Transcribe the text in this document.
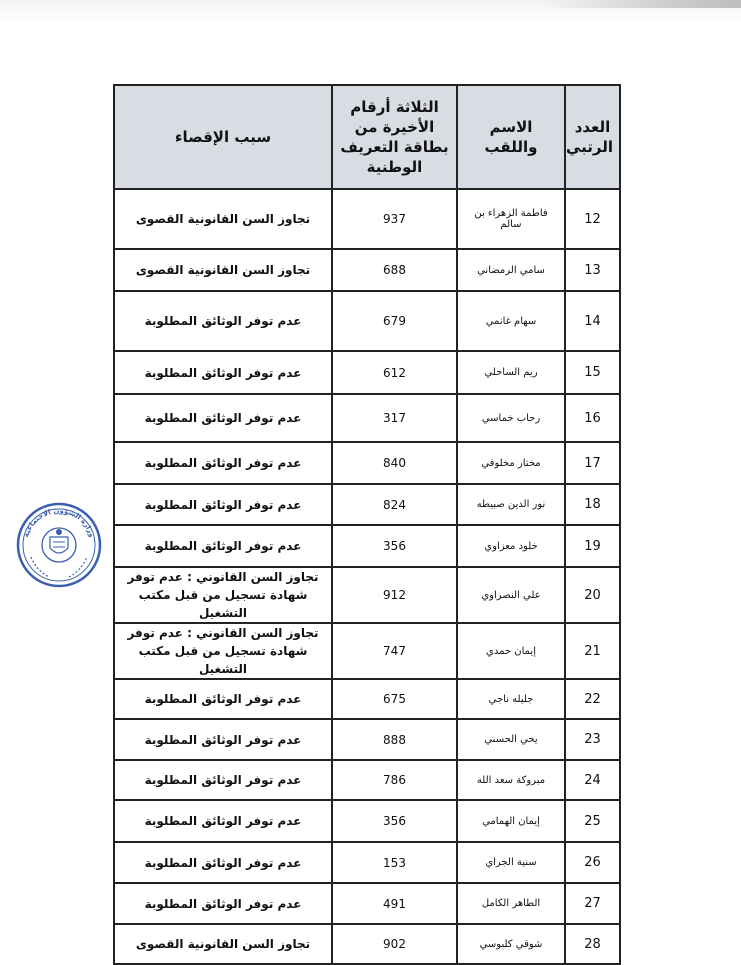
العدد الرتبي	الاسم واللقب	الثلاثة أرقام الأخيرة من بطاقة التعريف الوطنية	سبب الإقصاء
12	فاطمة الزهراء بن سالم	937	تجاوز السن القانونية القصوى
13	سامي الرمضاني	688	تجاوز السن القانونية القصوى
14	سهام غانمي	679	عدم توفر الوثائق المطلوبة
15	ريم الساحلي	612	عدم توفر الوثائق المطلوبة
16	رحاب خماسي	317	عدم توفر الوثائق المطلوبة
17	مختار مخلوفي	840	عدم توفر الوثائق المطلوبة
18	نور الدين صبيطه	824	عدم توفر الوثائق المطلوبة
19	خلود معزاوي	356	عدم توفر الوثائق المطلوبة
20	علي النصراوي	912	تجاوز السن القانوني : عدم توفر شهادة تسجيل من قبل مكتب التشغيل
21	إيمان حمدي	747	تجاوز السن القانوني : عدم توفر شهادة تسجيل من قبل مكتب التشغيل
22	جليله ناجي	675	عدم توفر الوثائق المطلوبة
23	يحي الحسني	888	عدم توفر الوثائق المطلوبة
24	مبروكة سعد الله	786	عدم توفر الوثائق المطلوبة
25	إيمان الهمامي	356	عدم توفر الوثائق المطلوبة
26	سنية الجراي	153	عدم توفر الوثائق المطلوبة
27	الطاهر الكامل	491	عدم توفر الوثائق المطلوبة
28	شوقي كلبوسي	902	تجاوز السن القانونية القصوى
وزارة الشؤون الاجتماعية
